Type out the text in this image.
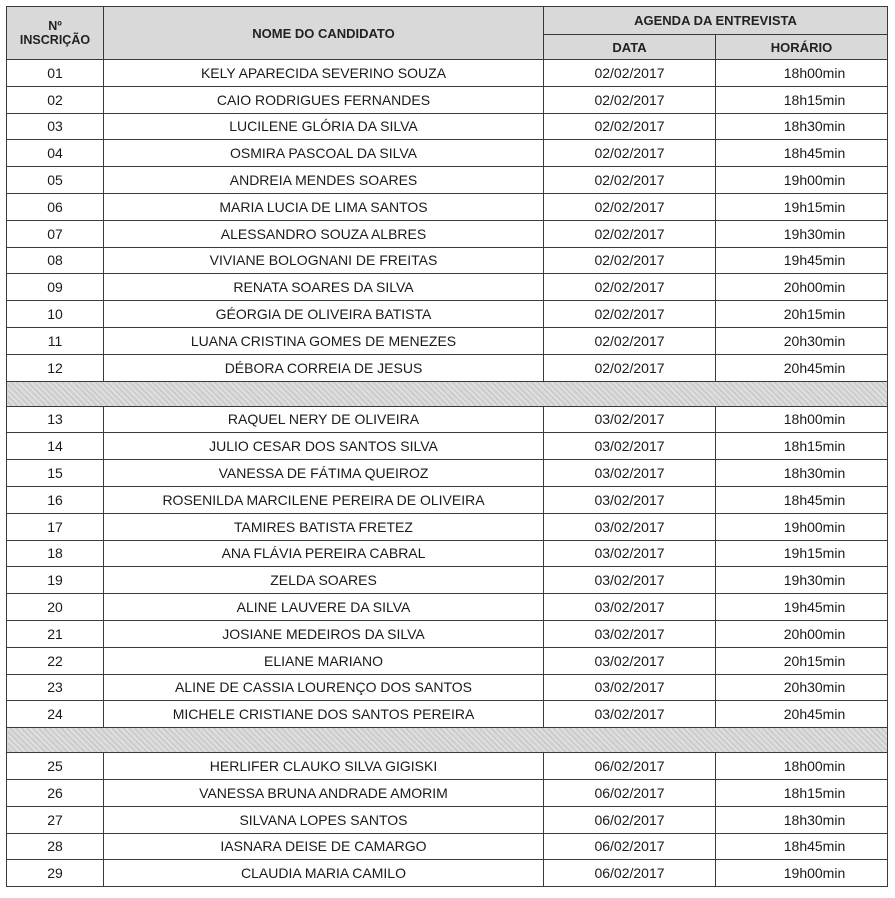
Nº
INSCRIÇÃO	NOME DO CANDIDATO	AGENDA DA ENTREVISTA	
		DATA	HORÁRIO
01	KELY APARECIDA SEVERINO SOUZA	02/02/2017	18h00min
02	CAIO RODRIGUES FERNANDES	02/02/2017	18h15min
03	LUCILENE GLÓRIA DA SILVA	02/02/2017	18h30min
04	OSMIRA PASCOAL DA SILVA	02/02/2017	18h45min
05	ANDREIA MENDES SOARES	02/02/2017	19h00min
06	MARIA LUCIA DE LIMA SANTOS	02/02/2017	19h15min
07	ALESSANDRO SOUZA ALBRES	02/02/2017	19h30min
08	VIVIANE BOLOGNANI DE FREITAS	02/02/2017	19h45min
09	RENATA SOARES DA SILVA	02/02/2017	20h00min
10	GÉORGIA DE OLIVEIRA BATISTA	02/02/2017	20h15min
11	LUANA CRISTINA GOMES DE MENEZES	02/02/2017	20h30min
12	DÉBORA CORREIA DE JESUS	02/02/2017	20h45min

13	RAQUEL NERY DE OLIVEIRA	03/02/2017	18h00min
14	JULIO CESAR DOS SANTOS SILVA	03/02/2017	18h15min
15	VANESSA DE FÁTIMA QUEIROZ	03/02/2017	18h30min
16	ROSENILDA MARCILENE PEREIRA DE OLIVEIRA	03/02/2017	18h45min
17	TAMIRES BATISTA FRETEZ	03/02/2017	19h00min
18	ANA FLÁVIA PEREIRA CABRAL	03/02/2017	19h15min
19	ZELDA SOARES	03/02/2017	19h30min
20	ALINE LAUVERE DA SILVA	03/02/2017	19h45min
21	JOSIANE MEDEIROS DA SILVA	03/02/2017	20h00min
22	ELIANE MARIANO	03/02/2017	20h15min
23	ALINE DE CASSIA LOURENÇO DOS SANTOS	03/02/2017	20h30min
24	MICHELE CRISTIANE DOS SANTOS PEREIRA	03/02/2017	20h45min

25	HERLIFER CLAUKO SILVA GIGISKI	06/02/2017	18h00min
26	VANESSA BRUNA ANDRADE AMORIM	06/02/2017	18h15min
27	SILVANA LOPES SANTOS	06/02/2017	18h30min
28	IASNARA DEISE DE CAMARGO	06/02/2017	18h45min
29	CLAUDIA MARIA CAMILO	06/02/2017	19h00min
